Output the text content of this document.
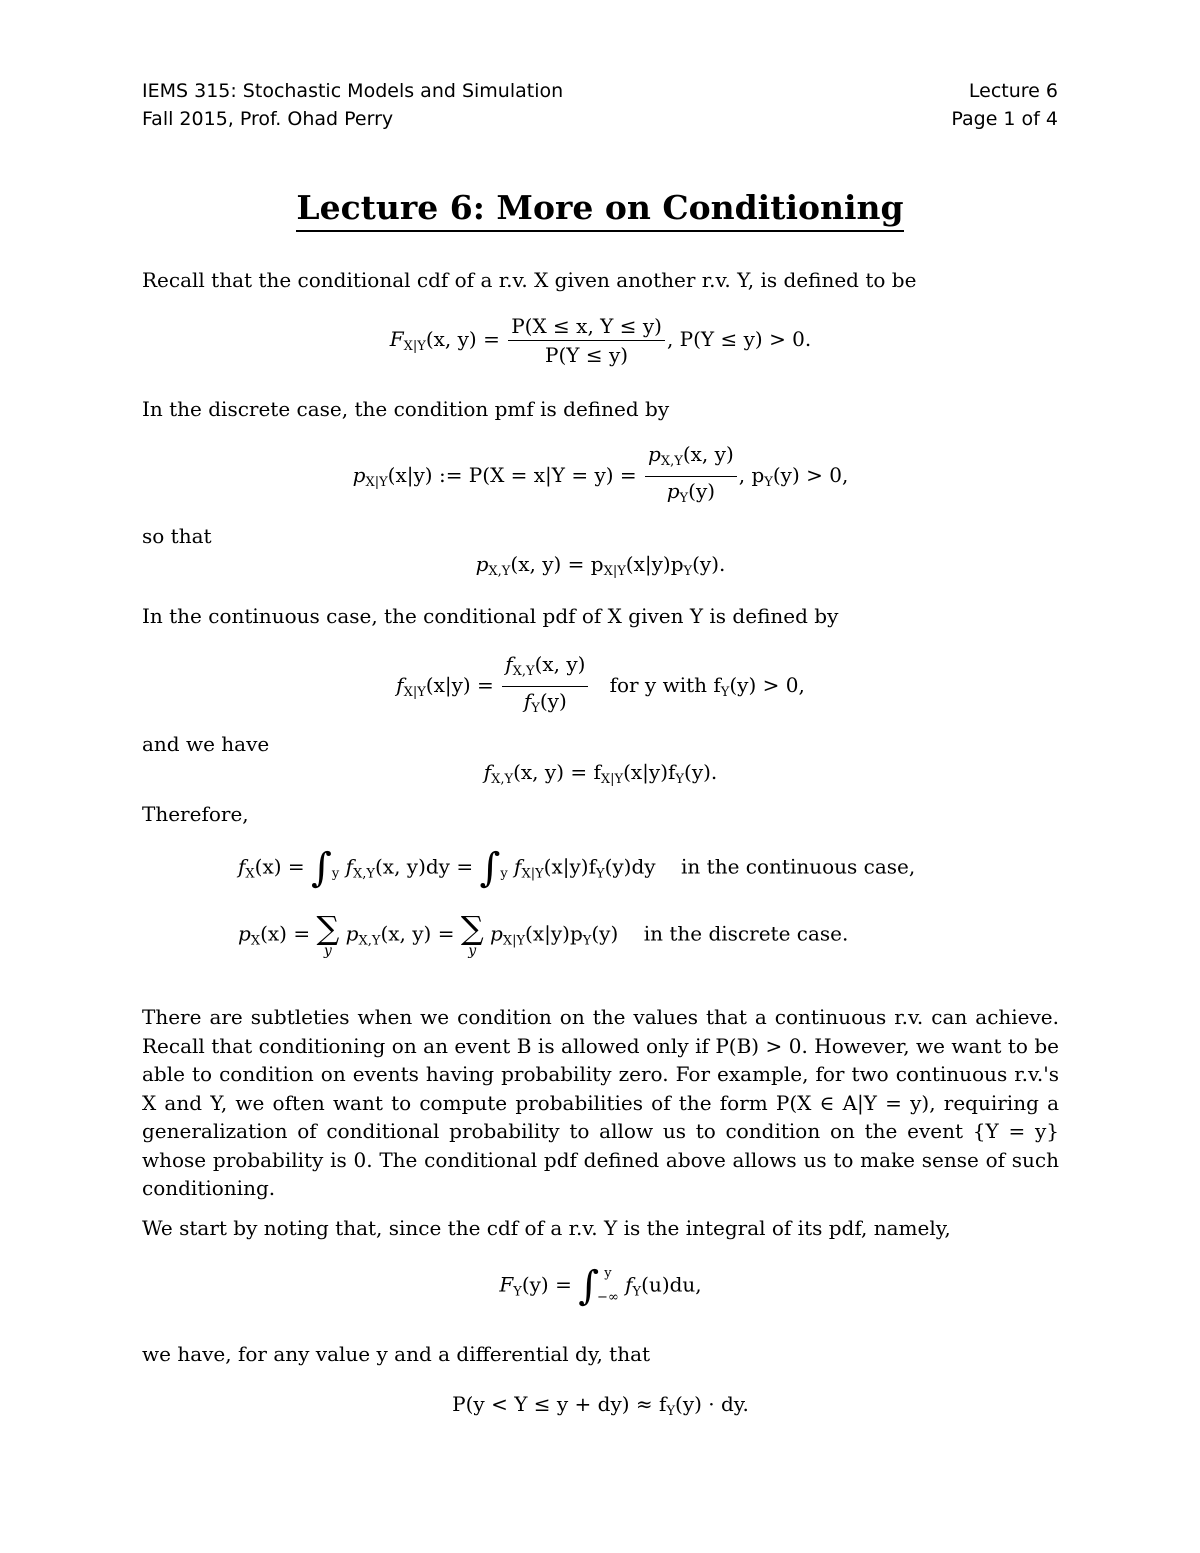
IEMS 315: Stochastic Models and Simulation
Fall 2015, Prof. Ohad Perry
Lecture 6
Page 1 of 4
Lecture 6: More on Conditioning
Recall that the conditional cdf of a r.v. X given another r.v. Y, is defined to be
$F_{X|Y}(x$, $y) = \frac{P(X \le x, Y \le y)}{P(Y \le y)}$ , P(Y ≤ y) > 0.
In the discrete case, the condition pmf is defined by
$p_{X|Y}(x|y)$ := $P(X = x|Y = y) = \frac{p_{X,Y}(x, y)}{p_Y(y)}$ , $p_Y(y) > 0$,
so that
$p_{X,Y}(x$, $y) = p_{X|Y}(x|y)p_Y(y)$.
In the continuous case, the conditional pdf of X given Y is defined by
$f_{X|Y}(x|y) = \frac{f_{X,Y}(x, y)}{f_Y(y)}$ for y with $f_Y(y) > 0$,
and we have
$f_{X,Y}(x$, $y) = f_{X|Y}(x|y)f_Y(y)$.
Therefore,
$f_X(x) = \int_y$ $f_{X,Y}(x$, $y)dy = \int_y$ $f_{X|Y}(x|y)f_Y(y)dy$ in the continuous case,
$p_X(x)$ = ∑
y
$p_{X,Y}(x$, y) = ∑
y
$p_{X|Y}(x|y)p_Y(y)$ in the discrete case.
There are subtleties when we condition on the values that a continuous r.v. can achieve. Recall that conditioning on an event B is allowed only if P(B) > 0. However, we want to be able to condition on events having probability zero. For example, for two continuous r.v.'s X and Y, we often want to compute probabilities of the form P(X ∈ A|Y = y), requiring a generalization of conditional probability to allow us to condition on the event {Y = y} whose probability is 0. The conditional pdf defined above allows us to make sense of such conditioning.
We start by noting that, since the cdf of a r.v. Y is the integral of its pdf, namely,
$F_Y(y)$ = ∫ y
−∞
$f_Y(u)du$,
we have, for any value y and a differential dy, that
$P(y < Y \le y + dy) \approx f_Y(y)$ · dy.
